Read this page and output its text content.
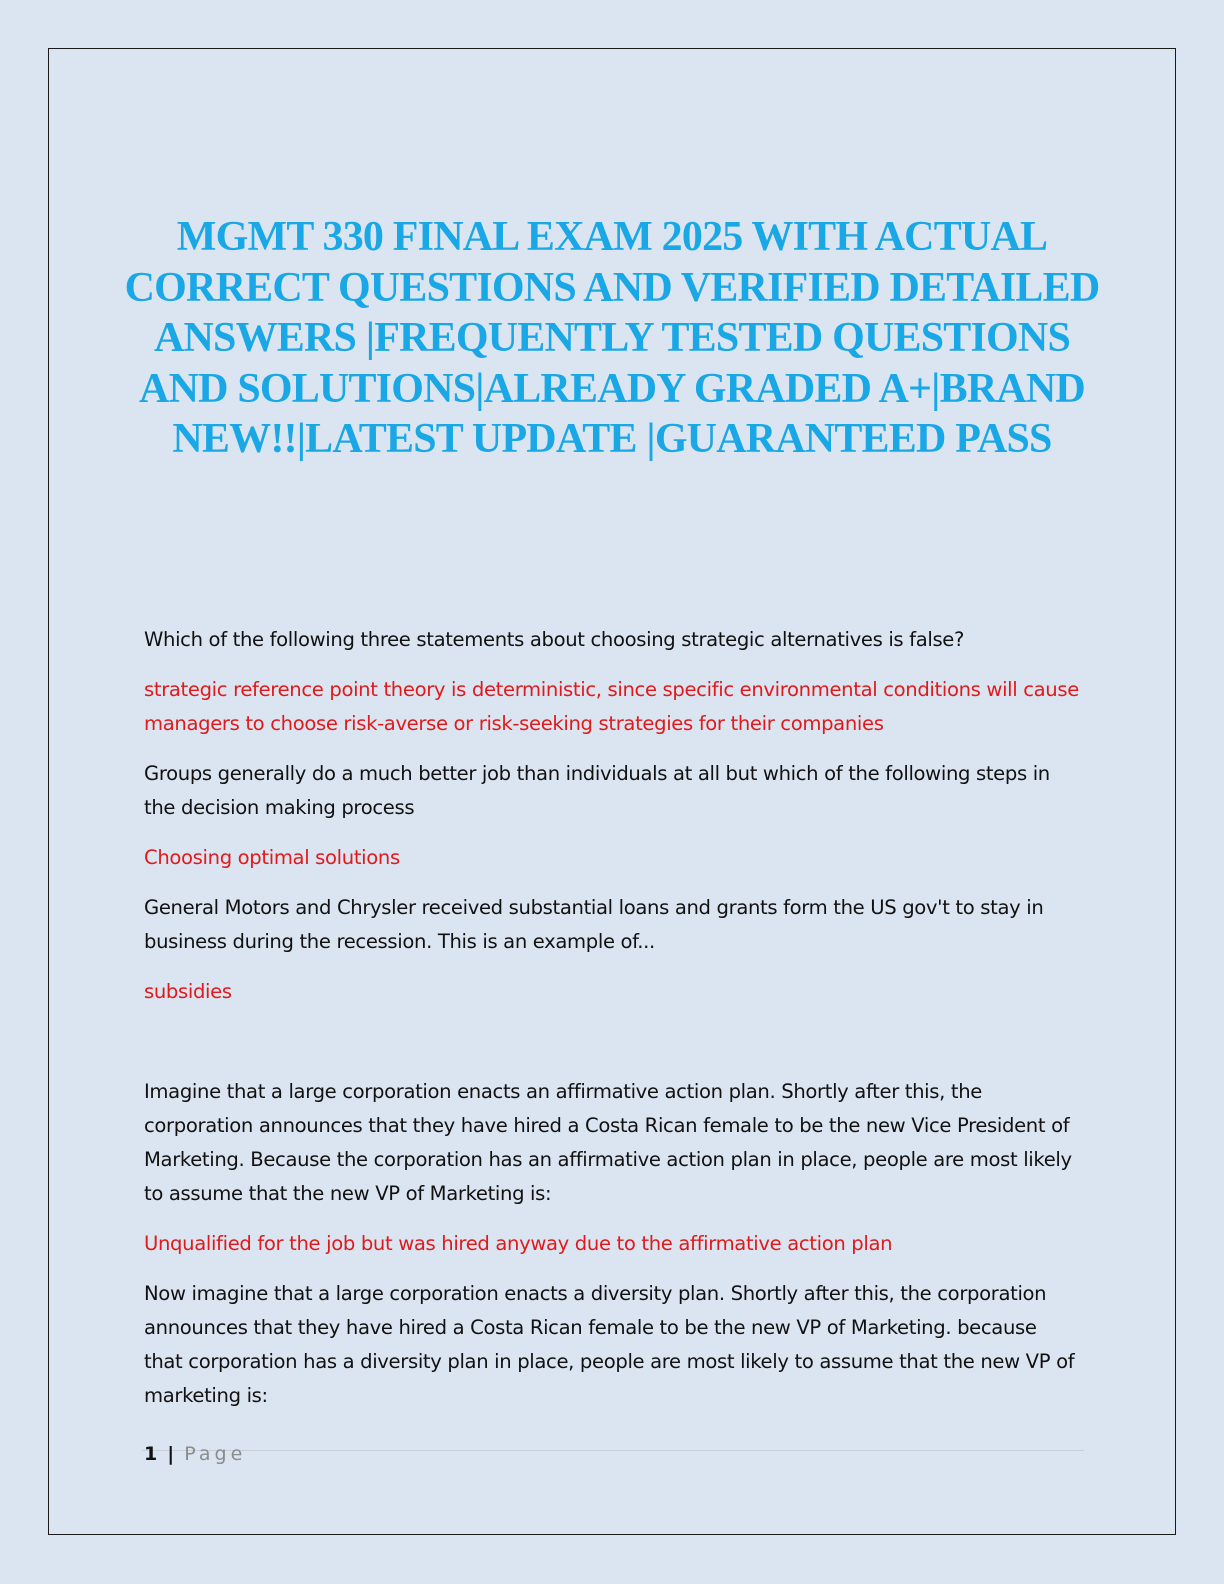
MGMT 330 FINAL EXAM 2025 WITH ACTUAL CORRECT QUESTIONS AND VERIFIED DETAILED ANSWERS |FREQUENTLY TESTED QUESTIONS AND SOLUTIONS|ALREADY GRADED A+|BRAND NEW!!|LATEST UPDATE |GUARANTEED PASS

Which of the following three statements about choosing strategic alternatives is false?

strategic reference point theory is deterministic, since specific environmental conditions will cause managers to choose risk-averse or risk-seeking strategies for their companies

Groups generally do a much better job than individuals at all but which of the following steps in the decision making process

Choosing optimal solutions

General Motors and Chrysler received substantial loans and grants form the US gov't to stay in business during the recession. This is an example of...

subsidies

Imagine that a large corporation enacts an affirmative action plan. Shortly after this, the corporation announces that they have hired a Costa Rican female to be the new Vice President of Marketing. Because the corporation has an affirmative action plan in place, people are most likely to assume that the new VP of Marketing is:

Unqualified for the job but was hired anyway due to the affirmative action plan

Now imagine that a large corporation enacts a diversity plan. Shortly after this, the corporation announces that they have hired a Costa Rican female to be the new VP of Marketing. because that corporation has a diversity plan in place, people are most likely to assume that the new VP of marketing is:

1 | Page
